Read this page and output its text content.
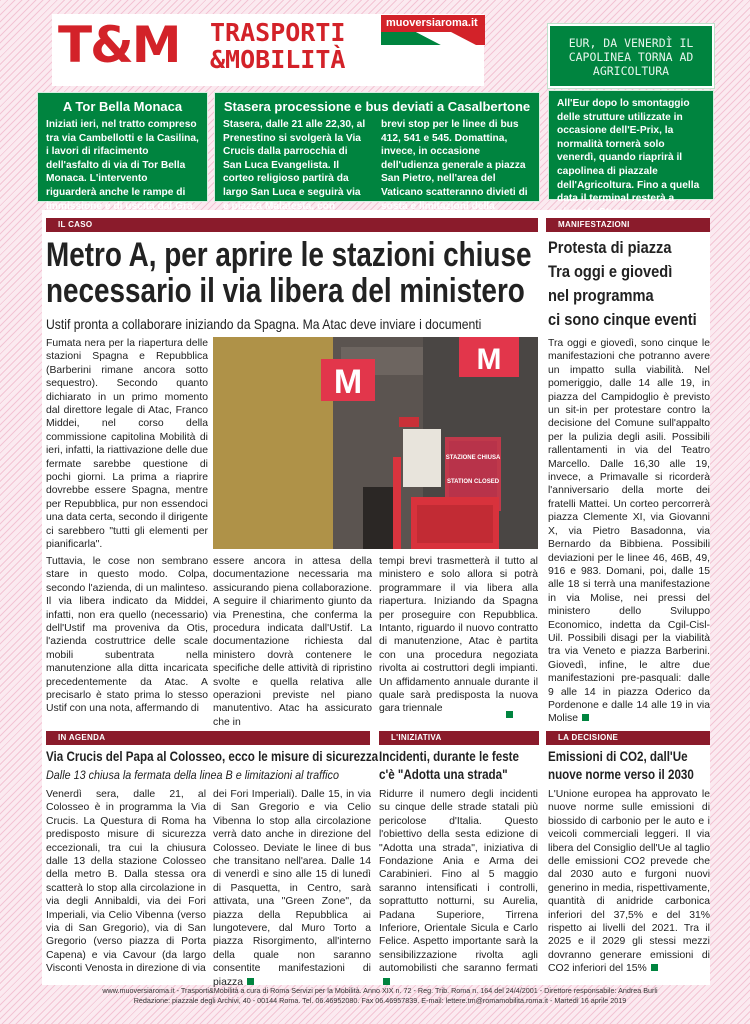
T&M TRASPORTI
&MOBILITÀ
muoversiaroma.it
A Tor Bella Monaca
Iniziati ieri, nel tratto compreso tra via Cambellotti e la Casilina, i lavori di rifacimento dell'asfalto di via di Tor Bella Monaca. L'intervento riguarderà anche le rampe di immissione e di uscita dal Gra.
Stasera processione e bus deviati a Casalbertone
Stasera, dalle 21 alle 22,30, al Prenestino si svolgerà la Via Crucis dalla parrocchia di San Luca Evangelista. Il corteo religioso partirà da largo San Luca e seguirà via e piazza Malatesta, con
brevi stop per le linee di bus 412, 541 e 545. Domattina, invece, in occasione dell'udienza generale a piazza San Pietro, nell'area del Vaticano scatteranno divieti di sosta e limitazioni della
EUR, DA VENERDÌ IL CAPOLINEA TORNA AD AGRICOLTURA
All'Eur dopo lo smontaggio delle strutture utilizzate in occasione dell'E-Prix, la normalità tornerà solo venerdì, quando riaprirà il capolinea di piazzale dell'Agricoltura. Fino a quella data il terminal resterà a piazzale Sturzo.
IL CASO
Metro A, per aprire le stazioni chiuse
necessario il via libera del ministero
Ustif pronta a collaborare iniziando da Spagna. Ma Atac deve inviare i documenti
Fumata nera per la riapertura delle stazioni Spagna e Repubblica (Barberini rimane ancora sotto sequestro). Secondo quanto dichiarato in un primo momento dal direttore legale di Atac, Franco Middei, nel corso della commissione capitolina Mobilità di ieri, infatti, la riattivazione delle due fermate sarebbe questione di pochi giorni. La prima a riaprire dovrebbe essere Spagna, mentre per Repubblica, pur non essendoci una data certa, secondo il dirigente ci sarebbero "tutti gli elementi per pianificarla".
Tuttavia, le cose non sembrano stare in questo modo. Colpa, secondo l'azienda, di un malinteso. Il via libera indicato da Middei, infatti, non era quello (necessario) dell'Ustif ma proveniva da Otis, l'azienda costruttrice delle scale mobili subentrata nella manutenzione alla ditta incaricata precedentemente da Atac. A precisarlo è stato prima lo stesso Ustif con una nota, affermando di
M
M
STAZIONE CHIUSA
STATION CLOSED
essere ancora in attesa della documentazione necessaria ma assicurando piena collaborazione. A seguire il chiarimento giunto da via Prenestina, che conferma la procedura indicata dall'Ustif. La documentazione richiesta dal ministero dovrà contenere le specifiche delle attività di ripristino svolte e quella relativa alle operazioni previste nel piano manutentivo. Atac ha assicurato che in
tempi brevi trasmetterà il tutto al ministero e solo allora si potrà programmare il via libera alla riapertura. Iniziando da Spagna per proseguire con Repubblica. Intanto, riguardo il nuovo contratto di manutenzione, Atac è partita con una procedura negoziata rivolta ai costruttori degli impianti. Un affidamento annuale durante il quale sarà predisposta la nuova gara triennale
MANIFESTAZIONI
Protesta di piazza
Tra oggi e giovedì
nel programma
ci sono cinque eventi
Tra oggi e giovedì, sono cinque le manifestazioni che potranno avere un impatto sulla viabilità. Nel pomeriggio, dalle 14 alle 19, in piazza del Campidoglio è previsto un sit-in per protestare contro la decisione del Comune sull'appalto per la pulizia degli asili. Possibili rallentamenti in via del Teatro Marcello. Dalle 16,30 alle 19, invece, a Primavalle si ricorderà l'anniversario della morte dei fratelli Mattei. Un corteo percorrerà piazza Clemente XI, via Giovanni X, via Pietro Basadonna, via Bernardo da Bibbiena. Possibili deviazioni per le linee 46, 46B, 49, 916 e 983. Domani, poi, dalle 15 alle 18 si terrà una manifestazione in via Molise, nei pressi del ministero dello Sviluppo Economico, indetta da Cgil-Cisl-Uil. Possibili disagi per la viabilità tra via Veneto e piazza Barberini. Giovedì, infine, le altre due manifestazioni pre-pasquali: dalle 9 alle 14 in piazza Oderico da Pordenone e dalle 14 alle 19 in via Molise
IN AGENDA
Via Crucis del Papa al Colosseo, ecco le misure di sicurezza
Dalle 13 chiusa la fermata della linea B e limitazioni al traffico
Venerdì sera, dalle 21, al Colosseo è in programma la Via Crucis. La Questura di Roma ha predisposto misure di sicurezza eccezionali, tra cui la chiusura dalle 13 della stazione Colosseo della metro B. Dalla stessa ora scatterà lo stop alla circolazione in via degli Annibaldi, via dei Fori Imperiali, via Celio Vibenna (verso via di San Gregorio), via di San Gregorio (verso piazza di Porta Capena) e via Cavour (da largo Visconti Venosta in direzione di via
dei Fori Imperiali). Dalle 15, in via di San Gregorio e via Celio Vibenna lo stop alla circolazione verrà dato anche in direzione del Colosseo. Deviate le linee di bus che transitano nell'area. Dalle 14 di venerdì e sino alle 15 di lunedì di Pasquetta, in Centro, sarà attivata, una "Green Zone", da piazza della Repubblica ai lungotevere, dal Muro Torto a piazza Risorgimento, all'interno della quale non saranno consentite manifestazioni di piazza
L'INIZIATIVA
Incidenti, durante le feste
c'è "Adotta una strada"
Ridurre il numero degli incidenti su cinque delle strade statali più pericolose d'Italia. Questo l'obiettivo della sesta edizione di "Adotta una strada", iniziativa di Fondazione Ania e Arma dei Carabinieri. Fino al 5 maggio saranno intensificati i controlli, soprattutto notturni, su Aurelia, Padana Superiore, Tirrena Inferiore, Orientale Sicula e Carlo Felice. Aspetto importante sarà la sensibilizzazione rivolta agli automobilisti che saranno fermati
LA DECISIONE
Emissioni di CO2, dall'Ue
nuove norme verso il 2030
L'Unione europea ha approvato le nuove norme sulle emissioni di biossido di carbonio per le auto e i veicoli commerciali leggeri. Il via libera del Consiglio dell'Ue al taglio delle emissioni CO2 prevede che dal 2030 auto e furgoni nuovi generino in media, rispettivamente, quantità di anidride carbonica inferiori del 37,5% e del 31% rispetto ai livelli del 2021. Tra il 2025 e il 2029 gli stessi mezzi dovranno generare emissioni di CO2 inferiori del 15%
www.muoversiaroma.it - Trasporti&Mobilità a cura di Roma Servizi per la Mobilità. Anno XIX n. 72 - Reg. Trib. Roma n. 164 del 24/4/2001 - Direttore responsabile: Andrea Burli
Redazione: piazzale degli Archivi, 40 - 00144 Roma. Tel. 06.46952080. Fax 06.46957839. E-mail: lettere.tm@romamobilita.roma.it - Martedì 16 aprile 2019
